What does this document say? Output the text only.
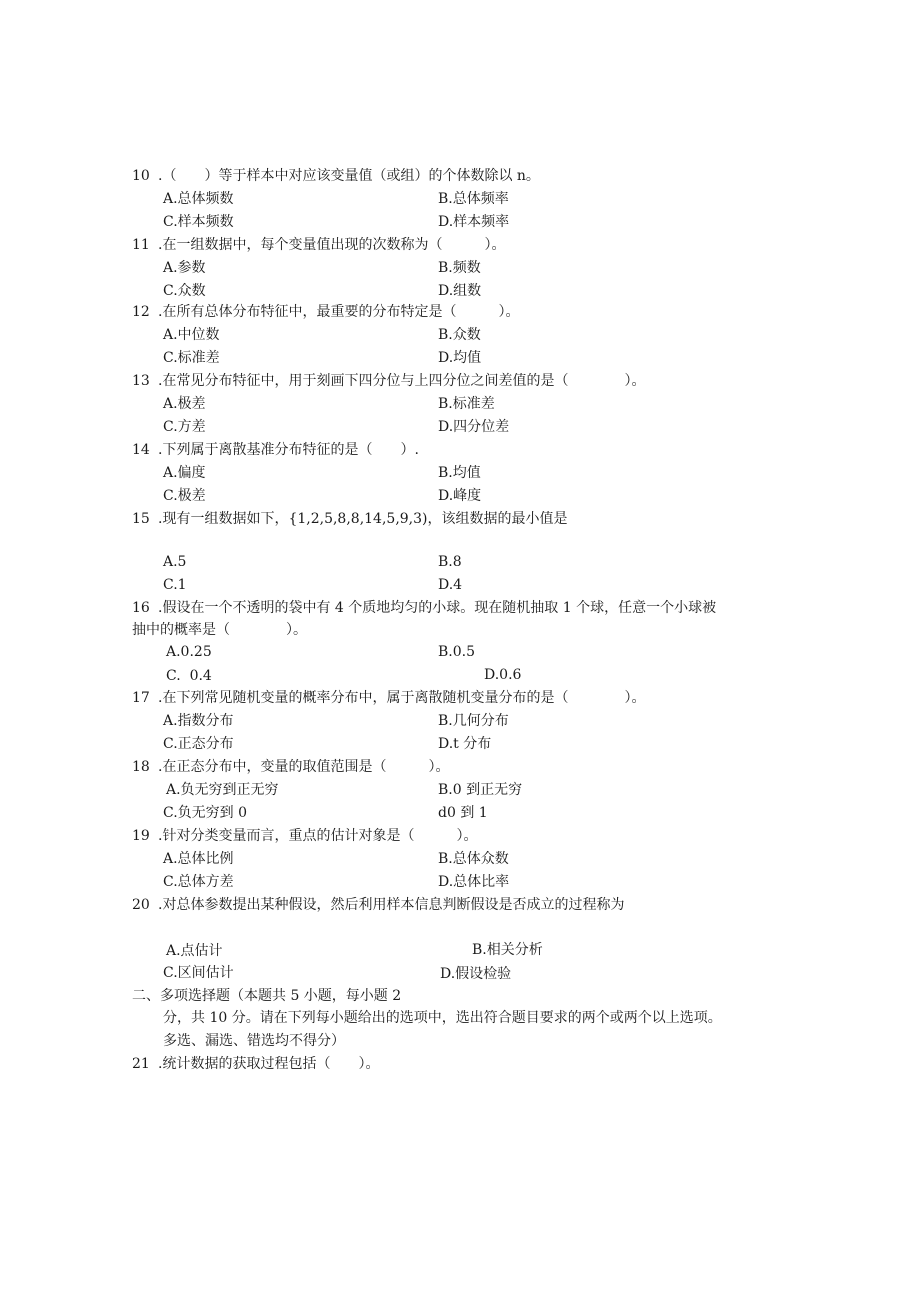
10 .（　　）等于样本中对应该变量值（或组）的个体数除以 n。
A.总体频数	B.总体频率
C.样本频数	D.样本频率
11 .在一组数据中，每个变量值出现的次数称为（　　　）。
A.参数	B.频数
C.众数	D.组数
12 .在所有总体分布特征中，最重要的分布特定是（　　　）。
A.中位数	B.众数
C.标准差	D.均值
13 .在常见分布特征中，用于刻画下四分位与上四分位之间差值的是（　　　　）。
A.极差	B.标准差
C.方差	D.四分位差
14 .下列属于离散基准分布特征的是（　　）.
A.偏度	B.均值
C.极差	D.峰度
15 .现有一组数据如下，{1,2,5,8,8,14,5,9,3)，该组数据的最小值是
A.5	B.8
C.1	D.4
16 .假设在一个不透明的袋中有 4 个质地均匀的小球。现在随机抽取 1 个球，任意一个小球被
抽中的概率是（　　　　）。
A.0.25	B.0.5
C.  0.4	D.0.6
17 .在下列常见随机变量的概率分布中，属于离散随机变量分布的是（　　　　）。
A.指数分布	B.几何分布
C.正态分布	D.t 分布
18 .在正态分布中，变量的取值范围是（　　　）。
A.负无穷到正无穷	B.0 到正无穷
C.负无穷到 0	d0 到 1
19 .针对分类变量而言，重点的估计对象是（　　　）。
A.总体比例	B.总体众数
C.总体方差	D.总体比率
20 .对总体参数提出某种假设，然后利用样本信息判断假设是否成立的过程称为
A.点估计	B.相关分析
C.区间估计	D.假设检验
二、多项选择题（本题共 5 小题，每小题 2
分，共 10 分。请在下列每小题给出的选项中，选出符合题目要求的两个或两个以上选项。
多选、漏选、错选均不得分）
21 .统计数据的获取过程包括（　　）。
